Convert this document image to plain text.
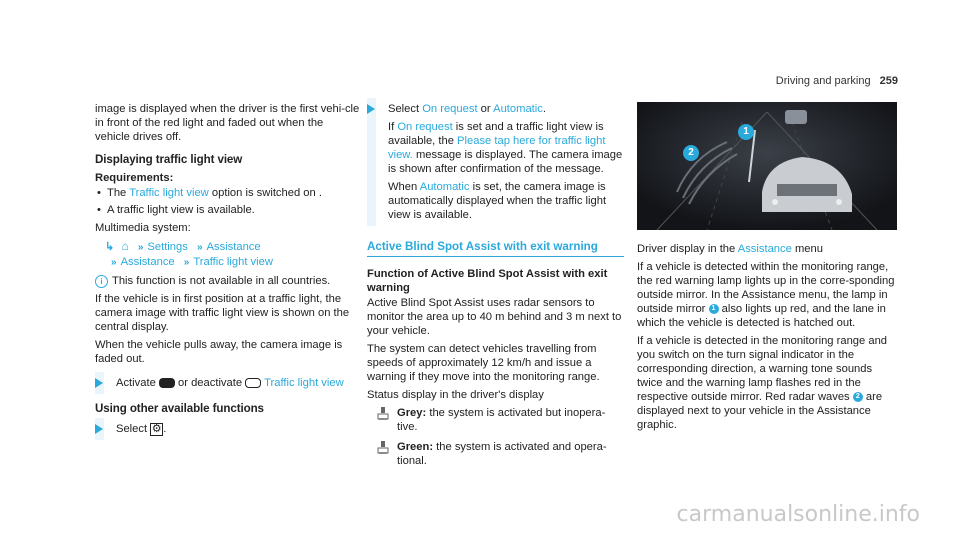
Driving and parking 259

image is displayed when the driver is the first vehi-cle in front of the red light and faded out when the vehicle drives off.

Displaying traffic light view
Requirements:
• The Traffic light view option is switched on .
• A traffic light view is available.

Multimedia system:

↳ ⌂ » Settings » Assistance
» Assistance » Traffic light view

i This function is not available in all countries.

If the vehicle is in first position at a traffic light, the camera image with traffic light view is shown on the central display.

When the vehicle pulls away, the camera image is faded out.

Activate or deactivate Traffic light view
Using other available functions
Select ⚙ .

Select On request or Automatic.

If On request is set and a traffic light view is available, the Please tap here for traffic light view. message is displayed. The camera image is shown after confirmation of the message.

When Automatic is set, the camera image is automatically displayed when the traffic light view is available.

Active Blind Spot Assist with exit warning
Function of Active Blind Spot Assist with exit warning

Active Blind Spot Assist uses radar sensors to monitor the area up to 40 m behind and 3 m next to your vehicle.

The system can detect vehicles travelling from speeds of approximately 12 km/h and issue a warning if they move into the monitoring range.

Status display in the driver's display

Grey: the system is activated but inopera-tive.
Green: the system is activated and opera-tional.
1
2

Driver display in the Assistance menu

If a vehicle is detected within the monitoring range, the red warning lamp lights up in the corre-sponding outside mirror. In the Assistance menu, the lamp in outside mirror 1 also lights up red, and the lane in which the vehicle is detected is hatched out.

If a vehicle is detected in the monitoring range and you switch on the turn signal indicator in the corresponding direction, a warning tone sounds twice and the warning lamp flashes red in the respective outside mirror. Red radar waves 2 are displayed next to your vehicle in the Assistance graphic.

carmanualsonline.info
